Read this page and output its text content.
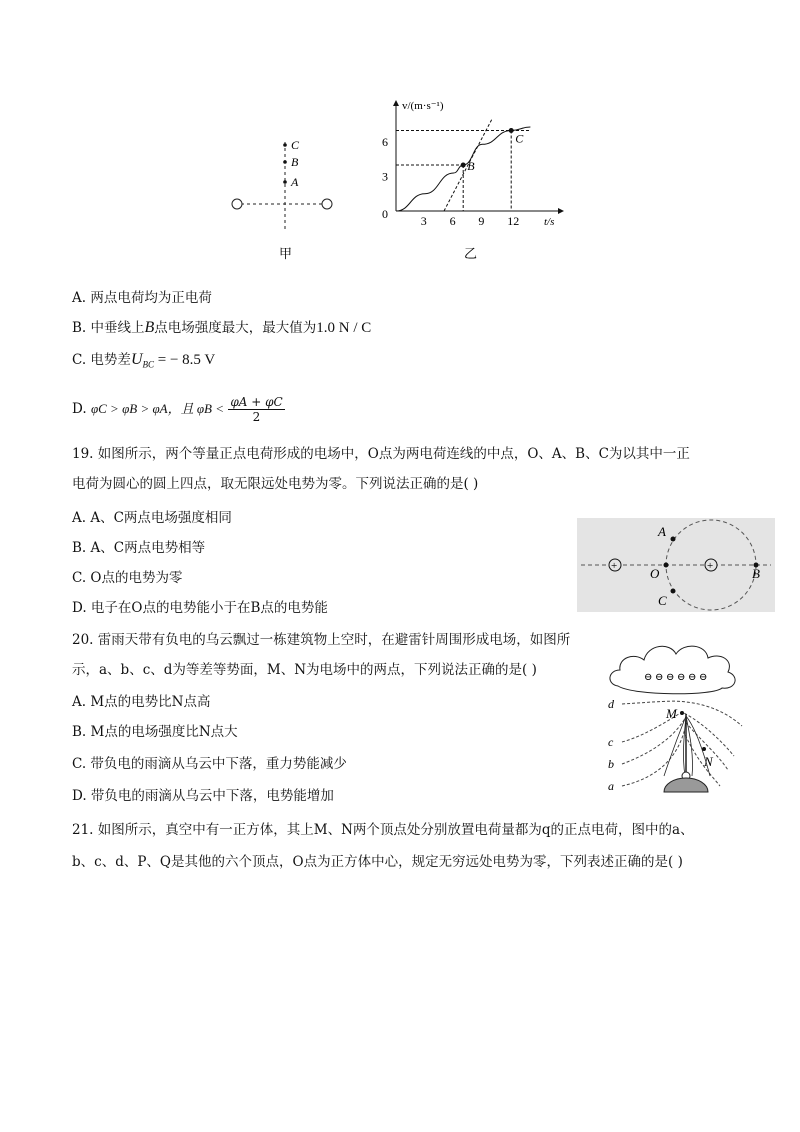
C
B
A
甲
v/(m·s⁻¹)
t/s
0	3 6 9 12
3
6
B
C
乙
A. 两点电荷均为正电荷
B. 中垂线上B点电场强度最大，最大值为1.0 N / C
C. 电势差$U_{BC}$ = − 8.5 V
D. φC > φB > φA，且 $\varphi B < \frac{\varphi A + \varphi C}{2}$
19. 如图所示，两个等量正点电荷形成的电场中，O点为两电荷连线的中点，O、A、B、C为以其中一正
电荷为圆心的圆上四点，取无限远处电势为零。下列说法正确的是( )
A. A、C两点电场强度相同
B. A、C两点电势相等
C. O点的电势为零
D. 电子在O点的电势能小于在B点的电势能
+	+
A
O
C
B
20. 雷雨天带有负电的乌云飘过一栋建筑物上空时，在避雷针周围形成电场，如图所
示，a、b、c、d为等差等势面，M、N为电场中的两点，下列说法正确的是( )
A. M点的电势比N点高
B. M点的电场强度比N点大
C. 带负电的雨滴从乌云中下落，重力势能减少
D. 带负电的雨滴从乌云中下落，电势能增加
⊖ ⊖ ⊖ ⊖ ⊖ ⊖
d
c
b
a
M
N
21. 如图所示，真空中有一正方体，其上M、N两个顶点处分别放置电荷量都为q的正点电荷，图中的a、
b、c、d、P、Q是其他的六个顶点，O点为正方体中心，规定无穷远处电势为零，下列表述正确的是( )
